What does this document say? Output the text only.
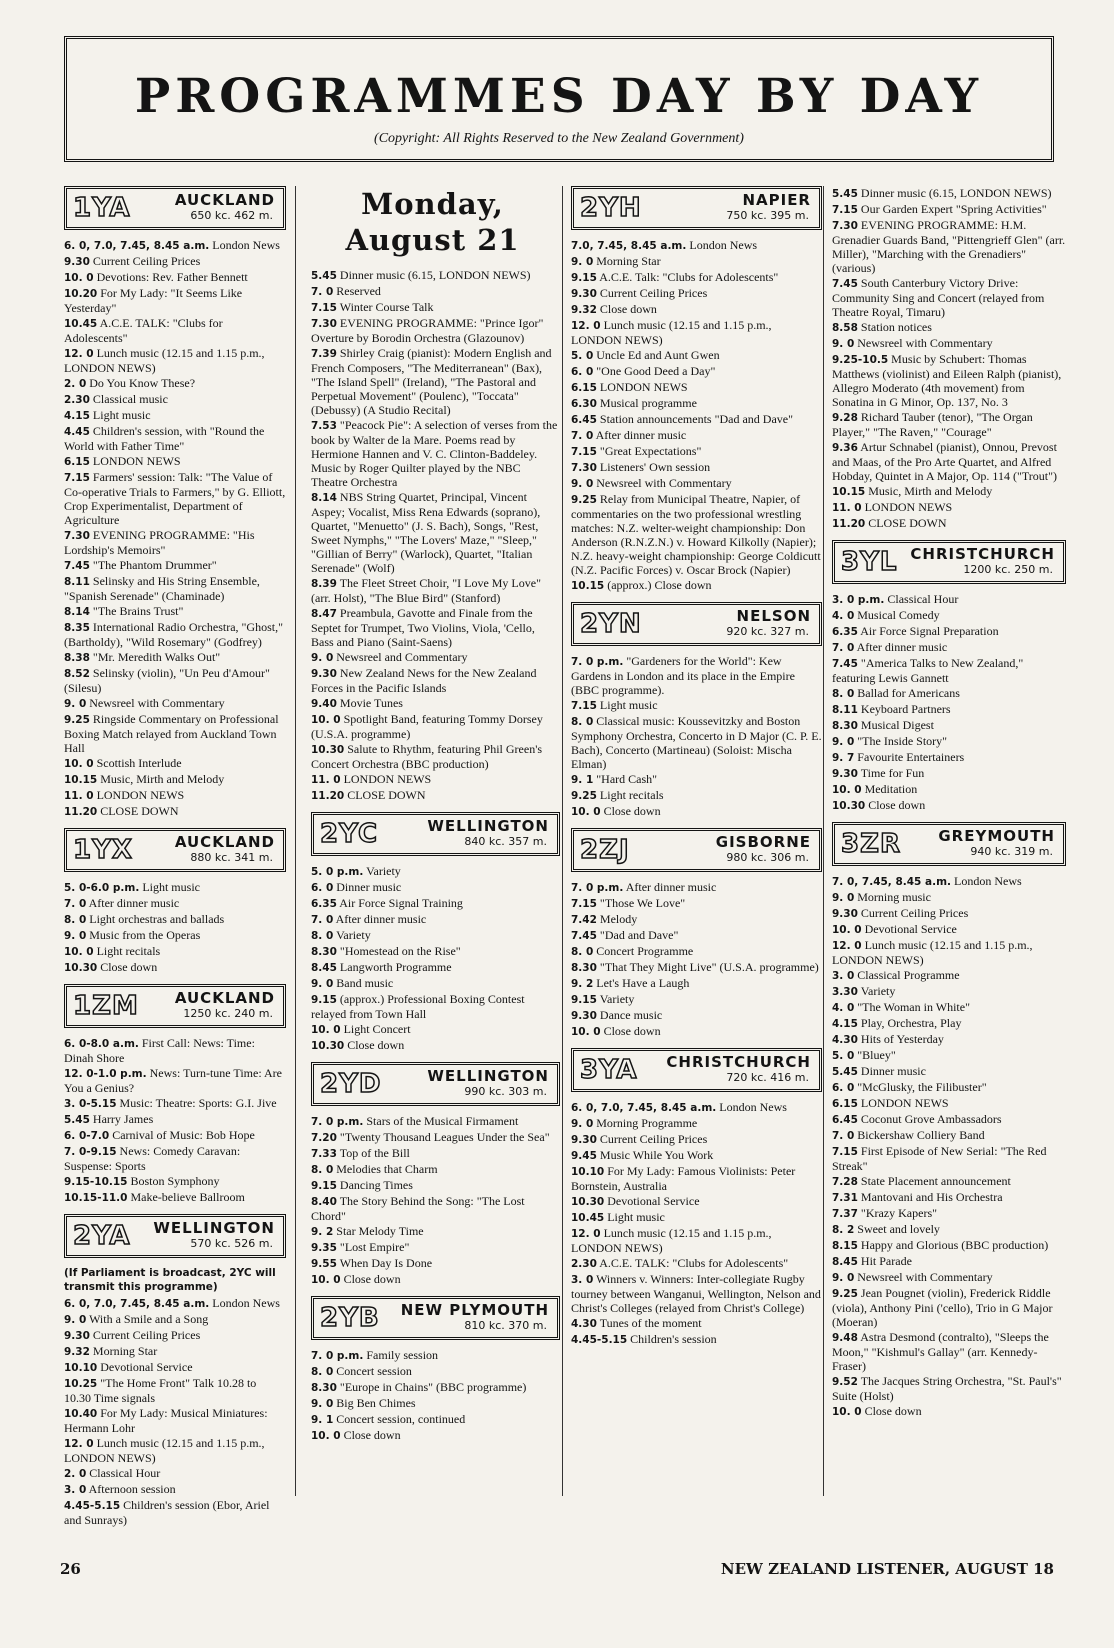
PROGRAMMES DAY BY DAY
(Copyright: All Rights Reserved to the New Zealand Government)
1YA	AUCKLAND
650 kc. 462 m.
6. 0, 7.0, 7.45, 8.45 a.m. London News
9.30 Current Ceiling Prices
10. 0 Devotions: Rev. Father Bennett
10.20 For My Lady: "It Seems Like Yesterday"
10.45 A.C.E. TALK: "Clubs for Adolescents"
12. 0 Lunch music (12.15 and 1.15 p.m., LONDON NEWS)
2. 0 Do You Know These?
2.30 Classical music
4.15 Light music
4.45 Children's session, with "Round the World with Father Time"
6.15 LONDON NEWS
7.15 Farmers' session: Talk: "The Value of Co-operative Trials to Farmers," by G. Elliott, Crop Experimentalist, Department of Agriculture
7.30 EVENING PROGRAMME: "His Lordship's Memoirs"
7.45 "The Phantom Drummer"
8.11 Selinsky and His String Ensemble, "Spanish Serenade" (Chaminade)
8.14 "The Brains Trust"
8.35 International Radio Orchestra, "Ghost," (Bartholdy), "Wild Rosemary" (Godfrey)
8.38 "Mr. Meredith Walks Out"
8.52 Selinsky (violin), "Un Peu d'Amour" (Silesu)
9. 0 Newsreel with Commentary
9.25 Ringside Commentary on Professional Boxing Match relayed from Auckland Town Hall
10. 0 Scottish Interlude
10.15 Music, Mirth and Melody
11. 0 LONDON NEWS
11.20 CLOSE DOWN
1YX	AUCKLAND
880 kc. 341 m.
5. 0-6.0 p.m. Light music
7. 0 After dinner music
8. 0 Light orchestras and ballads
9. 0 Music from the Operas
10. 0 Light recitals
10.30 Close down
1ZM AUCKLAND
1250 kc. 240 m.
6. 0-8.0 a.m. First Call: News: Time: Dinah Shore
12. 0-1.0 p.m. News: Turn-tune Time: Are You a Genius?
3. 0-5.15 Music: Theatre: Sports: G.I. Jive
5.45 Harry James
6. 0-7.0 Carnival of Music: Bob Hope
7. 0-9.15 News: Comedy Caravan: Suspense: Sports
9.15-10.15 Boston Symphony
10.15-11.0 Make-believe Ballroom
2YA WELLINGTON
570 kc. 526 m.
(If Parliament is broadcast, 2YC will transmit this programme)
6. 0, 7.0, 7.45, 8.45 a.m. London News
9. 0 With a Smile and a Song
9.30 Current Ceiling Prices
9.32 Morning Star
10.10 Devotional Service
10.25 "The Home Front" Talk 10.28 to 10.30 Time signals
10.40 For My Lady: Musical Miniatures: Hermann Lohr
12. 0 Lunch music (12.15 and 1.15 p.m., LONDON NEWS)
2. 0 Classical Hour
3. 0 Afternoon session
4.45-5.15 Children's session (Ebor, Ariel and Sunrays)
Monday, August 21
5.45 Dinner music (6.15, LONDON NEWS)
7. 0 Reserved
7.15 Winter Course Talk
7.30 EVENING PROGRAMME: "Prince Igor" Overture by Borodin Orchestra (Glazounov)
7.39 Shirley Craig (pianist): Modern English and French Composers, "The Mediterranean" (Bax), "The Island Spell" (Ireland), "The Pastoral and Perpetual Movement" (Poulenc), "Toccata" (Debussy) (A Studio Recital)
7.53 "Peacock Pie": A selection of verses from the book by Walter de la Mare. Poems read by Hermione Hannen and V. C. Clinton-Baddeley. Music by Roger Quilter played by the NBC Theatre Orchestra
8.14 NBS String Quartet, Principal, Vincent Aspey; Vocalist, Miss Rena Edwards (soprano), Quartet, "Menuetto" (J. S. Bach), Songs, "Rest, Sweet Nymphs," "The Lovers' Maze," "Sleep," "Gillian of Berry" (Warlock), Quartet, "Italian Serenade" (Wolf)
8.39 The Fleet Street Choir, "I Love My Love" (arr. Holst), "The Blue Bird" (Stanford)
8.47 Preambula, Gavotte and Finale from the Septet for Trumpet, Two Violins, Viola, 'Cello, Bass and Piano (Saint-Saens)
9. 0 Newsreel and Commentary
9.30 New Zealand News for the New Zealand Forces in the Pacific Islands
9.40 Movie Tunes
10. 0 Spotlight Band, featuring Tommy Dorsey (U.S.A. programme)
10.30 Salute to Rhythm, featuring Phil Green's Concert Orchestra (BBC production)
11. 0 LONDON NEWS
11.20 CLOSE DOWN
2YC	WELLINGTON
840 kc. 357 m.
5. 0 p.m. Variety
6. 0 Dinner music
6.35 Air Force Signal Training
7. 0 After dinner music
8. 0 Variety
8.30 "Homestead on the Rise"
8.45 Langworth Programme
9. 0 Band music
9.15 (approx.) Professional Boxing Contest relayed from Town Hall
10. 0 Light Concert
10.30 Close down
2YD	WELLINGTON
990 kc. 303 m.
7. 0 p.m. Stars of the Musical Firmament
7.20 "Twenty Thousand Leagues Under the Sea"
7.33 Top of the Bill
8. 0 Melodies that Charm
9.15 Dancing Times
8.40 The Story Behind the Song: "The Lost Chord"
9. 2 Star Melody Time
9.35 "Lost Empire"
9.55 When Day Is Done
10. 0 Close down
2YB NEW PLYMOUTH
810 kc. 370 m.
7. 0 p.m. Family session
8. 0 Concert session
8.30 "Europe in Chains" (BBC programme)
9. 0 Big Ben Chimes
9. 1 Concert session, continued
10. 0 Close down
2YH	NAPIER
750 kc. 395 m.
7.0, 7.45, 8.45 a.m. London News
9. 0 Morning Star
9.15 A.C.E. Talk: "Clubs for Adolescents"
9.30 Current Ceiling Prices
9.32 Close down
12. 0 Lunch music (12.15 and 1.15 p.m., LONDON NEWS)
5. 0 Uncle Ed and Aunt Gwen
6. 0 "One Good Deed a Day"
6.15 LONDON NEWS
6.30 Musical programme
6.45 Station announcements "Dad and Dave"
7. 0 After dinner music
7.15 "Great Expectations"
7.30 Listeners' Own session
9. 0 Newsreel with Commentary
9.25 Relay from Municipal Theatre, Napier, of commentaries on the two professional wrestling matches: N.Z. welter-weight championship: Don Anderson (R.N.Z.N.) v. Howard Kilkolly (Napier); N.Z. heavy-weight championship: George Coldicutt (N.Z. Pacific Forces) v. Oscar Brock (Napier)
10.15 (approx.) Close down
2YN	NELSON
920 kc. 327 m.
7. 0 p.m. "Gardeners for the World": Kew Gardens in London and its place in the Empire (BBC programme).
7.15 Light music
8. 0 Classical music: Koussevitzky and Boston Symphony Orchestra, Concerto in D Major (C. P. E. Bach), Concerto (Martineau) (Soloist: Mischa Elman)
9. 1 "Hard Cash"
9.25 Light recitals
10. 0 Close down
2ZJ	GISBORNE
980 kc. 306 m.
7. 0 p.m. After dinner music
7.15 "Those We Love"
7.42 Melody
7.45 "Dad and Dave"
8. 0 Concert Programme
8.30 "That They Might Live" (U.S.A. programme)
9. 2 Let's Have a Laugh
9.15 Variety
9.30 Dance music
10. 0 Close down
3YA CHRISTCHURCH
720 kc. 416 m.
6. 0, 7.0, 7.45, 8.45 a.m. London News
9. 0 Morning Programme
9.30 Current Ceiling Prices
9.45 Music While You Work
10.10 For My Lady: Famous Violinists: Peter Bornstein, Australia
10.30 Devotional Service
10.45 Light music
12. 0 Lunch music (12.15 and 1.15 p.m., LONDON NEWS)
2.30 A.C.E. TALK: "Clubs for Adolescents"
3. 0 Winners v. Winners: Inter-collegiate Rugby tourney between Wanganui, Wellington, Nelson and Christ's Colleges (relayed from Christ's College)
4.30 Tunes of the moment
4.45-5.15 Children's session
5.45 Dinner music (6.15, LONDON NEWS)
7.15 Our Garden Expert "Spring Activities"
7.30 EVENING PROGRAMME: H.M. Grenadier Guards Band, "Pittengrieff Glen" (arr. Miller), "Marching with the Grenadiers" (various)
7.45 South Canterbury Victory Drive: Community Sing and Concert (relayed from Theatre Royal, Timaru)
8.58 Station notices
9. 0 Newsreel with Commentary
9.25-10.5 Music by Schubert: Thomas Matthews (violinist) and Eileen Ralph (pianist), Allegro Moderato (4th movement) from Sonatina in G Minor, Op. 137, No. 3
9.28 Richard Tauber (tenor), "The Organ Player," "The Raven," "Courage"
9.36 Artur Schnabel (pianist), Onnou, Prevost and Maas, of the Pro Arte Quartet, and Alfred Hobday, Quintet in A Major, Op. 114 ("Trout")
10.15 Music, Mirth and Melody
11. 0 LONDON NEWS
11.20 CLOSE DOWN
3YL CHRISTCHURCH
1200 kc. 250 m.
3. 0 p.m. Classical Hour
4. 0 Musical Comedy
6.35 Air Force Signal Preparation
7. 0 After dinner music
7.45 "America Talks to New Zealand," featuring Lewis Gannett
8. 0 Ballad for Americans
8.11 Keyboard Partners
8.30 Musical Digest
9. 0 "The Inside Story"
9. 7 Favourite Entertainers
9.30 Time for Fun
10. 0 Meditation
10.30 Close down
3ZR GREYMOUTH
940 kc. 319 m.
7. 0, 7.45, 8.45 a.m. London News
9. 0 Morning music
9.30 Current Ceiling Prices
10. 0 Devotional Service
12. 0 Lunch music (12.15 and 1.15 p.m., LONDON NEWS)
3. 0 Classical Programme
3.30 Variety
4. 0 "The Woman in White"
4.15 Play, Orchestra, Play
4.30 Hits of Yesterday
5. 0 "Bluey"
5.45 Dinner music
6. 0 "McGlusky, the Filibuster"
6.15 LONDON NEWS
6.45 Coconut Grove Ambassadors
7. 0 Bickershaw Colliery Band
7.15 First Episode of New Serial: "The Red Streak"
7.28 State Placement announcement
7.31 Mantovani and His Orchestra
7.37 "Krazy Kapers"
8. 2 Sweet and lovely
8.15 Happy and Glorious (BBC production)
8.45 Hit Parade
9. 0 Newsreel with Commentary
9.25 Jean Pougnet (violin), Frederick Riddle (viola), Anthony Pini ('cello), Trio in G Major (Moeran)
9.48 Astra Desmond (contralto), "Sleeps the Moon," "Kishmul's Gallay" (arr. Kennedy-Fraser)
9.52 The Jacques String Orchestra, "St. Paul's" Suite (Holst)
10. 0 Close down
26	NEW ZEALAND LISTENER, AUGUST 18
